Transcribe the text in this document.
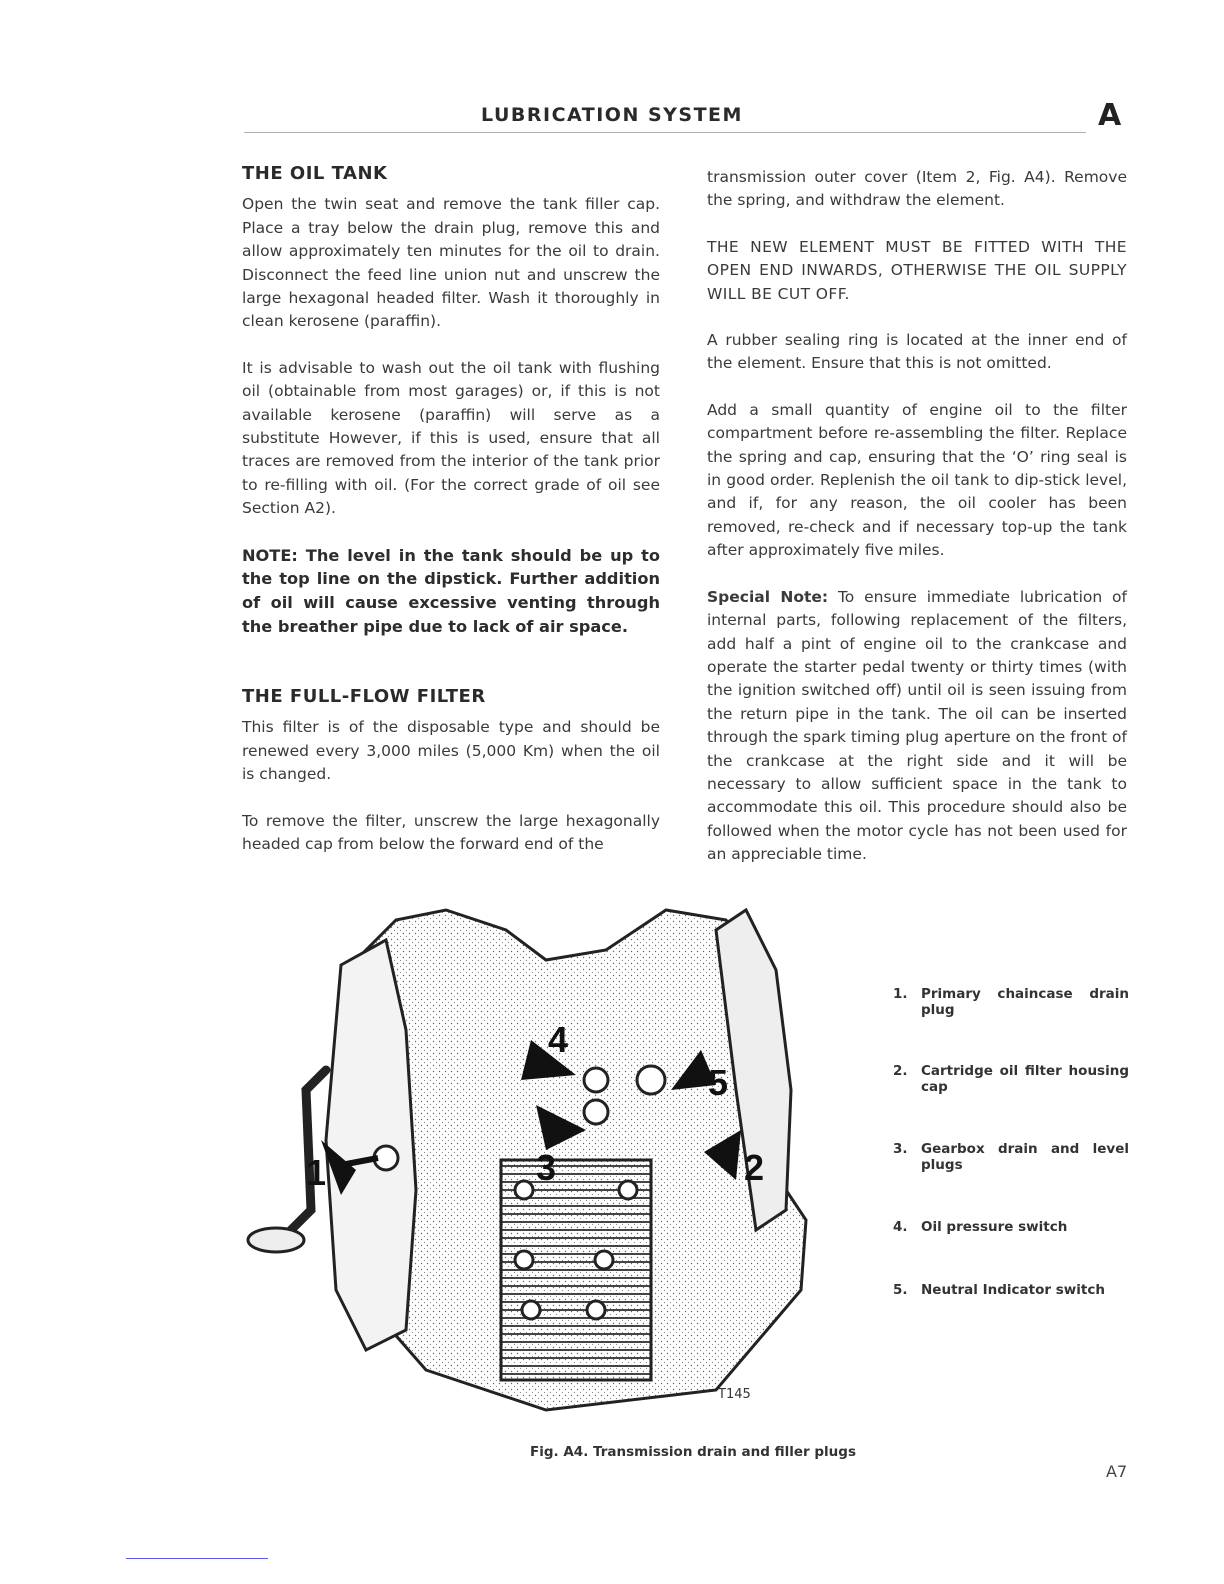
LUBRICATION SYSTEM	A
THE OIL TANK

Open the twin seat and remove the tank filler cap. Place a tray below the drain plug, remove this and allow approximately ten minutes for the oil to drain. Disconnect the feed line union nut and unscrew the large hexagonal headed filter. Wash it thoroughly in clean kerosene (paraffin).

It is advisable to wash out the oil tank with flushing oil (obtainable from most garages) or, if this is not available kerosene (paraffin) will serve as a substitute However, if this is used, ensure that all traces are removed from the interior of the tank prior to re-filling with oil. (For the correct grade of oil see Section A2).

NOTE: The level in the tank should be up to the top line on the dipstick. Further addition of oil will cause excessive venting through the breather pipe due to lack of air space.

THE FULL-FLOW FILTER

This filter is of the disposable type and should be renewed every 3,000 miles (5,000 Km) when the oil is changed.

To remove the filter, unscrew the large hexagonally headed cap from below the forward end of the

transmission outer cover (Item 2, Fig. A4). Remove the spring, and withdraw the element.

THE NEW ELEMENT MUST BE FITTED WITH THE OPEN END INWARDS, OTHERWISE THE OIL SUPPLY WILL BE CUT OFF.

A rubber sealing ring is located at the inner end of the element. Ensure that this is not omitted.

Add a small quantity of engine oil to the filter compartment before re-assembling the filter. Replace the spring and cap, ensuring that the ‘O’ ring seal is in good order. Replenish the oil tank to dip-stick level, and if, for any reason, the oil cooler has been removed, re-check and if necessary top-up the tank after approximately five miles.

Special Note: To ensure immediate lubrication of internal parts, following replacement of the filters, add half a pint of engine oil to the crankcase and operate the starter pedal twenty or thirty times (with the ignition switched off) until oil is seen issuing from the return pipe in the tank. The oil can be inserted through the spark timing plug aperture on the front of the crankcase at the right side and it will be necessary to allow sufficient space in the tank to accommodate this oil. This procedure should also be followed when the motor cycle has not been used for an appreciable time.

1	2
3
4
5
T145
1. Primary chaincase drain plug
2. Cartridge oil filter housing cap
3. Gearbox drain and level plugs
4. Oil pressure switch
5. Neutral Indicator switch
Fig. A4. Transmission drain and filler plugs
A7
